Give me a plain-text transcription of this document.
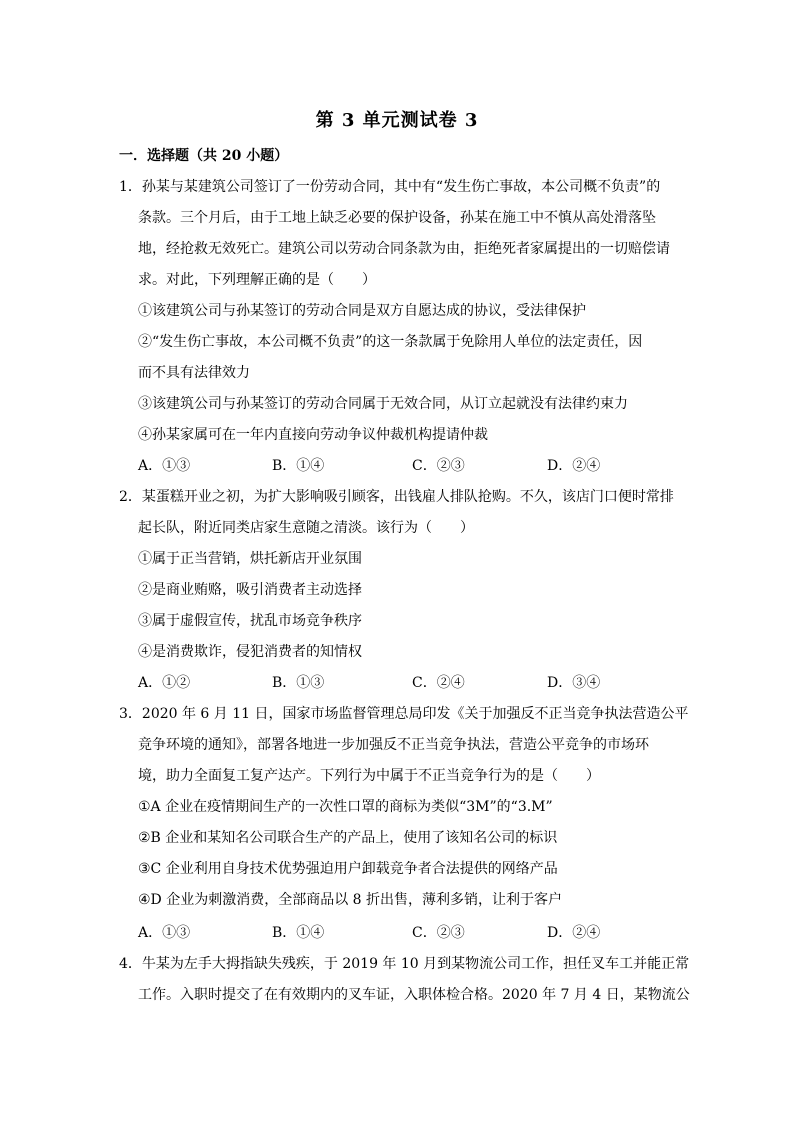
第 3 单元测试卷 3
一．选择题（共 20 小题）
1．孙某与某建筑公司签订了一份劳动合同，其中有“发生伤亡事故，本公司概不负责”的
条款。三个月后，由于工地上缺乏必要的保护设备，孙某在施工中不慎从高处滑落坠
地，经抢救无效死亡。建筑公司以劳动合同条款为由，拒绝死者家属提出的一切赔偿请
求。对此，下列理解正确的是（　　）
①该建筑公司与孙某签订的劳动合同是双方自愿达成的协议，受法律保护
②“发生伤亡事故，本公司概不负责”的这一条款属于免除用人单位的法定责任，因
而不具有法律效力
③该建筑公司与孙某签订的劳动合同属于无效合同，从订立起就没有法律约束力
④孙某家属可在一年内直接向劳动争议仲裁机构提请仲裁
A．①③	B．①④	C．②③	D．②④
2．某蛋糕开业之初，为扩大影响吸引顾客，出钱雇人排队抢购。不久，该店门口便时常排
起长队，附近同类店家生意随之清淡。该行为（　　）
①属于正当营销，烘托新店开业氛围
②是商业贿赂，吸引消费者主动选择
③属于虚假宣传，扰乱市场竞争秩序
④是消费欺诈，侵犯消费者的知情权
A．①②	B．①③	C．②④	D．③④
3．2020 年 6 月 11 日，国家市场监督管理总局印发《关于加强反不正当竞争执法营造公平
竞争环境的通知》，部署各地进一步加强反不正当竞争执法，营造公平竞争的市场环
境，助力全面复工复产达产。下列行为中属于不正当竞争行为的是（　　）
①A 企业在疫情期间生产的一次性口罩的商标为类似“3M”的“3.M”
②B 企业和某知名公司联合生产的产品上，使用了该知名公司的标识
③C 企业利用自身技术优势强迫用户卸载竞争者合法提供的网络产品
④D 企业为刺激消费，全部商品以 8 折出售，薄利多销，让利于客户
A．①③	B．①④	C．②③	D．②④
4．牛某为左手大拇指缺失残疾，于 2019 年 10 月到某物流公司工作，担任叉车工并能正常
工作。入职时提交了在有效期内的叉车证，入职体检合格。2020 年 7 月 4 日，某物流公
